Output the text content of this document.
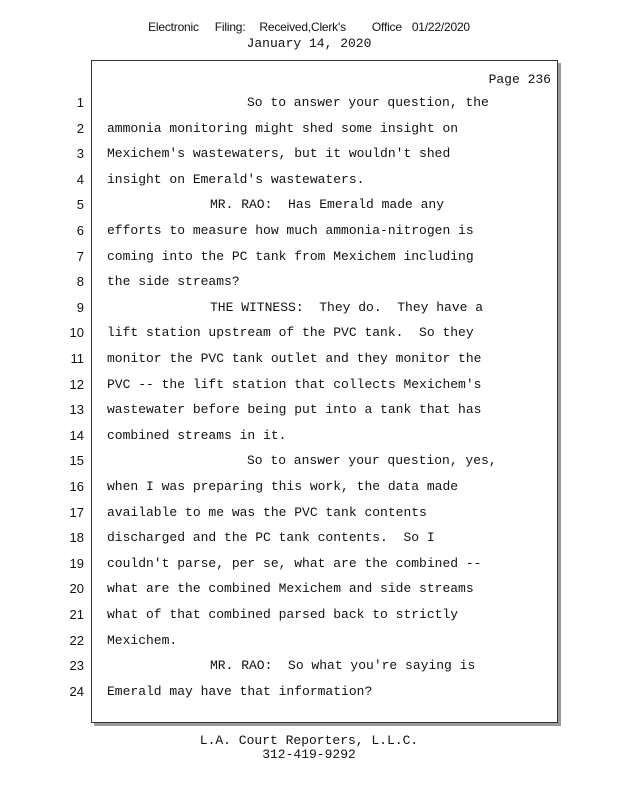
Electronic Filing: Received,Clerk's Office 01/22/2020
January 14, 2020
Page 236
1	So to answer your question, the
2 ammonia monitoring might shed some insight on
3 Mexichem's wastewaters, but it wouldn't shed
4 insight on Emerald's wastewaters.
5	MR. RAO:  Has Emerald made any
6 efforts to measure how much ammonia-nitrogen is
7 coming into the PC tank from Mexichem including
8 the side streams?
9	THE WITNESS:  They do.  They have a
10 lift station upstream of the PVC tank.  So they
11 monitor the PVC tank outlet and they monitor the
12 PVC -- the lift station that collects Mexichem's
13 wastewater before being put into a tank that has
14 combined streams in it.
15	So to answer your question, yes,
16 when I was preparing this work, the data made
17 available to me was the PVC tank contents
18 discharged and the PC tank contents.  So I
19 couldn't parse, per se, what are the combined --
20 what are the combined Mexichem and side streams
21 what of that combined parsed back to strictly
22 Mexichem.
23	MR. RAO:  So what you're saying is
24 Emerald may have that information?
L.A. Court Reporters, L.L.C.
312-419-9292
